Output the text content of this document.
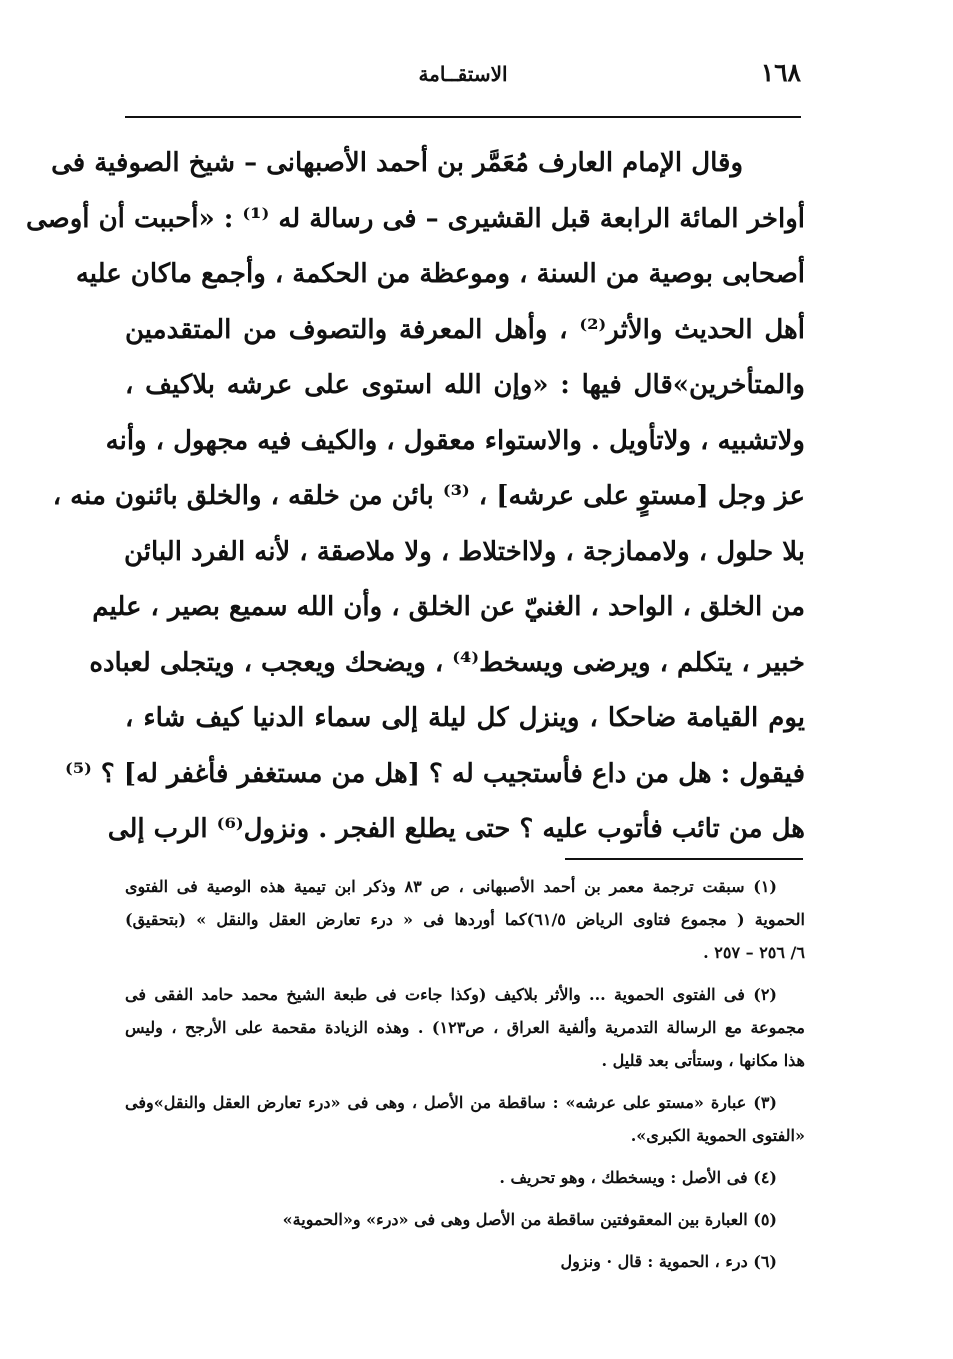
١٦٨
الاستقــامة
وقال الإمام العارف مُعَمَّر بن أحمد الأصبهانى – شيخ الصوفية فى
أواخر المائة الرابعة قبل القشيرى – فى رسالة له ⁽¹⁾ : «أحببت أن أوصى
أصحابى بوصية من السنة ، وموعظة من الحكمة ، وأجمع ماكان عليه
أهل الحديث والأثر⁽²⁾ ، وأهل المعرفة والتصوف من المتقدمين
والمتأخرين»قال فيها : «وإن الله استوى على عرشه بلاكيف ،
ولاتشبيه ، ولاتأويل . والاستواء معقول ، والكيف فيه مجهول ، وأنه
عز وجل [مستوٍ على عرشه] ، ⁽³⁾ بائن من خلقه ، والخلق بائنون منه ،
بلا حلول ، ولاممازجة ، ولااختلاط ، ولا ملاصقة ، لأنه الفرد البائن
من الخلق ، الواحد ، الغنيّ عن الخلق ، وأن الله سميع بصير ، عليم
خبير ، يتكلم ، ويرضى ويسخط⁽⁴⁾ ، ويضحك ويعجب ، ويتجلى لعباده
يوم القيامة ضاحكا ، وينزل كل ليلة إلى سماء الدنيا كيف شاء ،
فيقول : هل من داع فأستجيب له ؟ [هل من مستغفر فأغفر له] ؟ ⁽⁵⁾
هل من تائب فأتوب عليه ؟ حتى يطلع الفجر . ونزول⁽⁶⁾ الرب إلى
(١) سبقت ترجمة معمر بن أحمد الأصبهانى ، ص ٨٣ وذكر ابن تيمية هذه الوصية فى الفتوى
الحموية ( مجموع فتاوى الرياض ٦١/٥)كما أوردها فى « درء تعارض العقل والنقل » (بتحقيق)
٦/ ٢٥٦ – ٢٥٧ .
(٢) فى الفتوى الحموية ... والأثر بلاكيف (وكذا جاءت فى طبعة الشيخ محمد حامد الفقى فى
مجموعة مع الرسالة التدمرية وألفية العراق ، ص١٢٣) . وهذه الزيادة مقحمة على الأرجح ، وليس
هذا مكانها ، وستأتى بعد قليل .
(٣) عبارة «مستو على عرشه» : ساقطة من الأصل ، وهى فى «درء تعارض العقل والنقل»وفى
«الفتوى الحموية الكبرى».
(٤) فى الأصل : ويسخطك ، وهو تحريف .
(٥) العبارة بين المعقوفتين ساقطة من الأصل وهى فى «درء» و«الحموية»
(٦) درء ، الحموية : قال · ونزول
